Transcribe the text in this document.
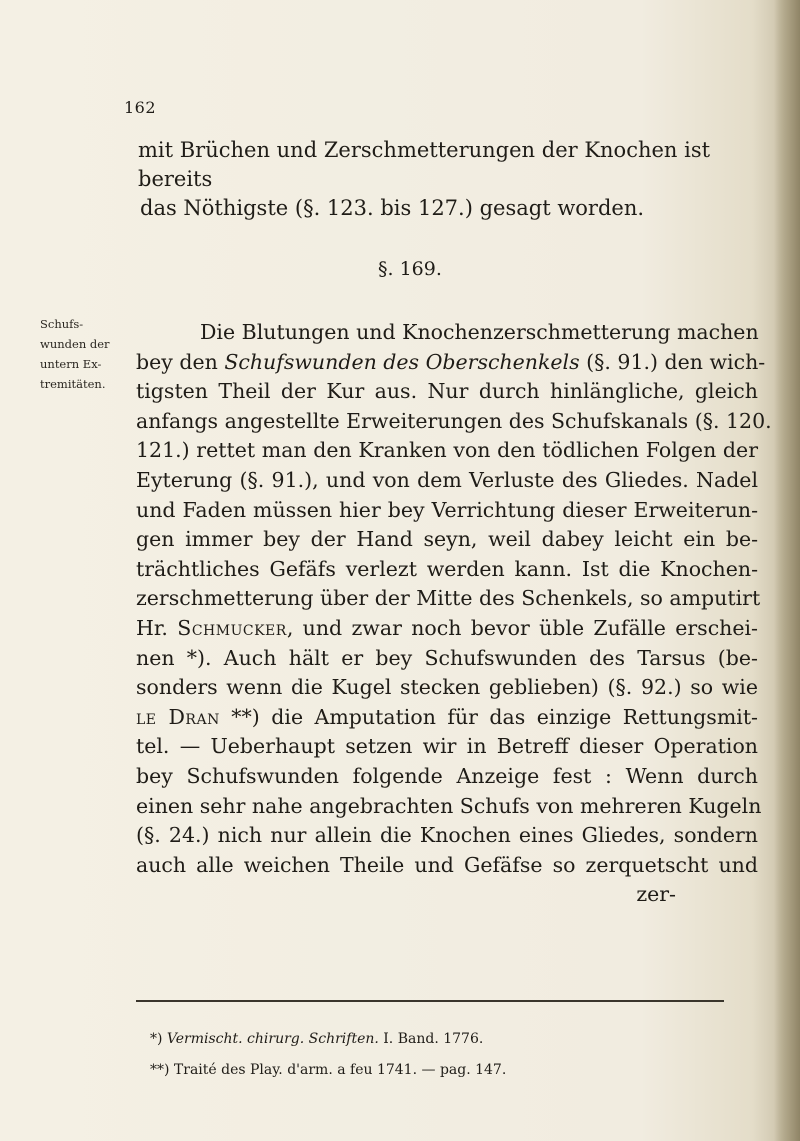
162
mit Brüchen und Zerschmetterungen der Knochen ist bereits
das Nöthigste (§. 123. bis 127.) gesagt worden.
§. 169.
Schufs-
wunden der
untern Ex-
tremitäten.
Die Blutungen und Knochenzerschmetterung machen
bey den Schufswunden des Oberschenkels (§. 91.) den wich-
tigsten Theil der Kur aus. Nur durch hinlängliche, gleich
anfangs angestellte Erweiterungen des Schufskanals (§. 120.
121.) rettet man den Kranken von den tödlichen Folgen der
Eyterung (§. 91.), und von dem Verluste des Gliedes. Nadel
und Faden müssen hier bey Verrichtung dieser Erweiterun-
gen immer bey der Hand seyn, weil dabey leicht ein be-
trächtliches Gefäfs verlezt werden kann. Ist die Knochen-
zerschmetterung über der Mitte des Schenkels, so amputirt
Hr. Schmucker, und zwar noch bevor üble Zufälle erschei-
nen *). Auch hält er bey Schufswunden des Tarsus (be-
sonders wenn die Kugel stecken geblieben) (§. 92.) so wie
le Dran **) die Amputation für das einzige Rettungsmit-
tel. — Ueberhaupt setzen wir in Betreff dieser Operation
bey Schufswunden folgende Anzeige fest : Wenn durch
einen sehr nahe angebrachten Schufs von mehreren Kugeln
(§. 24.) nich nur allein die Knochen eines Gliedes, sondern
auch alle weichen Theile und Gefäfse so zerquetscht und
zer-
*) Vermischt. chirurg. Schriften. I. Band. 1776.
**) Traité des Play. d'arm. a feu 1741. — pag. 147.
